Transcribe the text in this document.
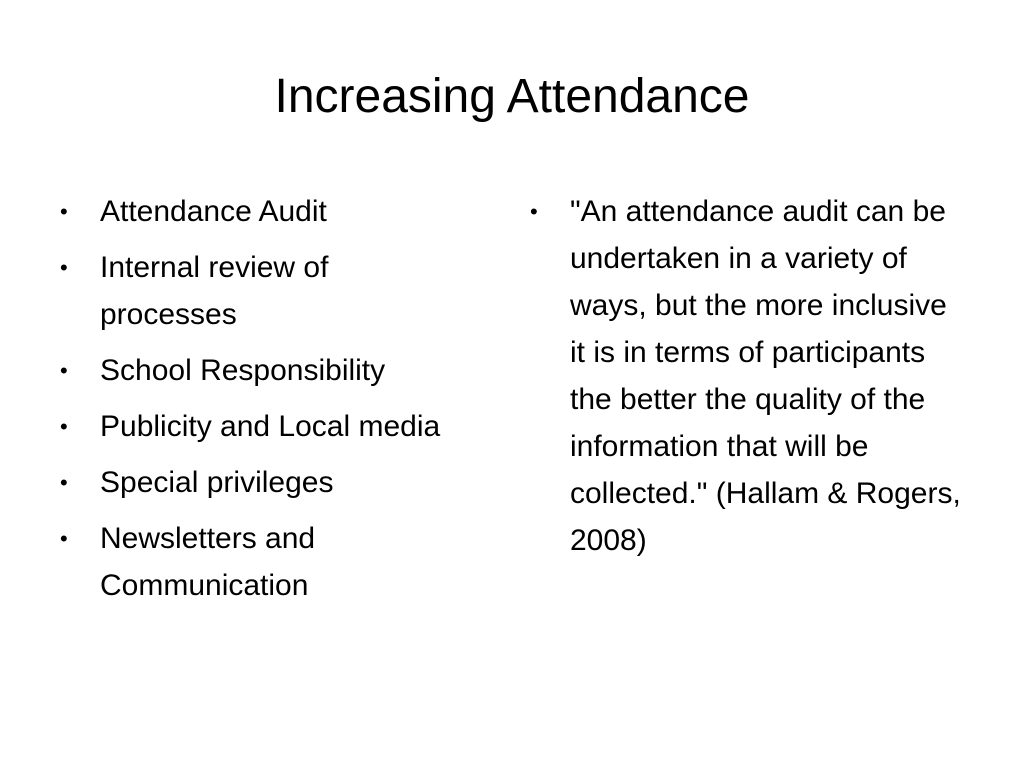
Increasing Attendance
•	Attendance Audit
•	Internal review of processes
•	School Responsibility
•	Publicity and Local media
•	Special privileges
•	Newsletters and Communication
•	"An attendance audit can be undertaken in a variety of ways, but the more inclusive it is in terms of participants the better the quality of the information that will be collected." (Hallam & Rogers, 2008)
